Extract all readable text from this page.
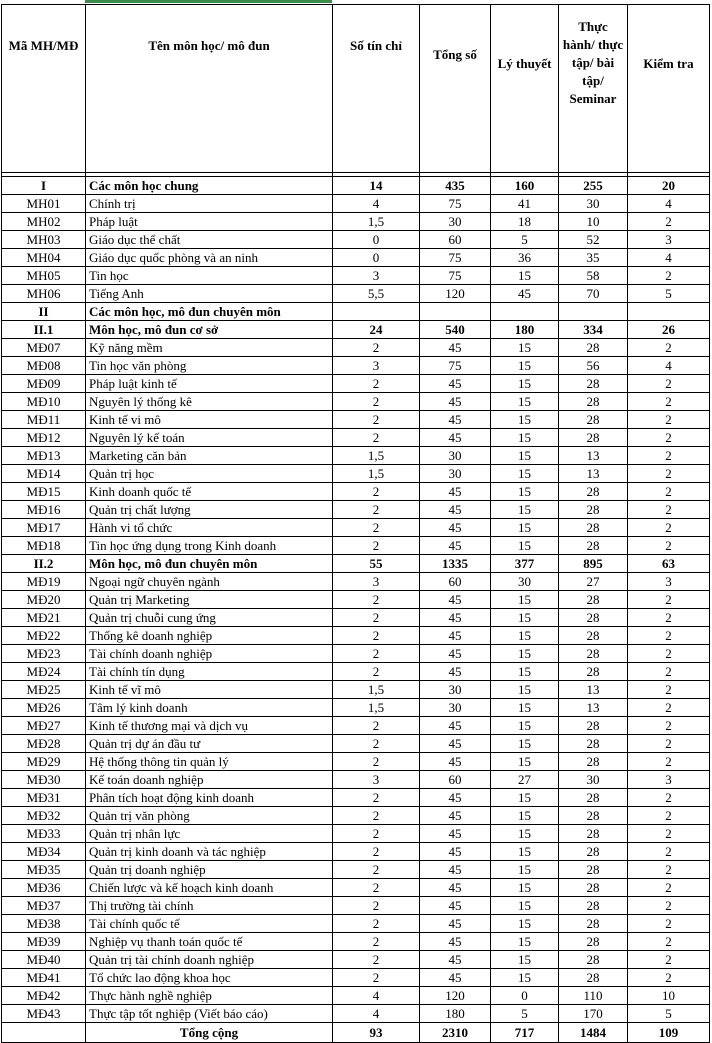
Mã MH/MĐ	Tên môn học/ mô đun	Số tín chỉ	Tổng số	Lý thuyết	Thực hành/ thực tập/ bài tập/ Seminar	Kiểm tra

I	Các môn học chung	14	435	160	255	20
MH01	Chính trị	4	75	41	30	4
MH02	Pháp luật	1,5	30	18	10	2
MH03	Giáo dục thể chất	0	60	5	52	3
MH04	Giáo dục quốc phòng và an ninh	0	75	36	35	4
MH05	Tin học	3	75	15	58	2
MH06	Tiếng Anh	5,5	120	45	70	5
II	Các môn học, mô đun chuyên môn					
II.1	Môn học, mô đun cơ sở	24	540	180	334	26
MĐ07	Kỹ năng mềm	2	45	15	28	2
MĐ08	Tin học văn phòng	3	75	15	56	4
MĐ09	Pháp luật kinh tế	2	45	15	28	2
MĐ10	Nguyên lý thống kê	2	45	15	28	2
MĐ11	Kinh tế vi mô	2	45	15	28	2
MĐ12	Nguyên lý kế toán	2	45	15	28	2
MĐ13	Marketing căn bản	1,5	30	15	13	2
MĐ14	Quản trị học	1,5	30	15	13	2
MĐ15	Kinh doanh quốc tế	2	45	15	28	2
MĐ16	Quản trị chất lượng	2	45	15	28	2
MĐ17	Hành vi tổ chức	2	45	15	28	2
MĐ18	Tin học ứng dụng trong Kinh doanh	2	45	15	28	2
II.2	Môn học, mô đun chuyên môn	55	1335	377	895	63
MĐ19	Ngoại ngữ chuyên ngành	3	60	30	27	3
MĐ20	Quản trị Marketing	2	45	15	28	2
MĐ21	Quản trị chuỗi cung ứng	2	45	15	28	2
MĐ22	Thống kê doanh nghiệp	2	45	15	28	2
MĐ23	Tài chính doanh nghiệp	2	45	15	28	2
MĐ24	Tài chính tín dụng	2	45	15	28	2
MĐ25	Kinh tế vĩ mô	1,5	30	15	13	2
MĐ26	Tâm lý kinh doanh	1,5	30	15	13	2
MĐ27	Kinh tế thương mại và dịch vụ	2	45	15	28	2
MĐ28	Quản trị dự án đầu tư	2	45	15	28	2
MĐ29	Hệ thống thông tin quản lý	2	45	15	28	2
MĐ30	Kế toán doanh nghiệp	3	60	27	30	3
MĐ31	Phân tích hoạt động kinh doanh	2	45	15	28	2
MĐ32	Quản trị văn phòng	2	45	15	28	2
MĐ33	Quản trị nhân lực	2	45	15	28	2
MĐ34	Quản trị kinh doanh và tác nghiệp	2	45	15	28	2
MĐ35	Quản trị doanh nghiệp	2	45	15	28	2
MĐ36	Chiến lược và kế hoạch kinh doanh	2	45	15	28	2
MĐ37	Thị trường tài chính	2	45	15	28	2
MĐ38	Tài chính quốc tế	2	45	15	28	2
MĐ39	Nghiệp vụ thanh toán quốc tế	2	45	15	28	2
MĐ40	Quản trị tài chính doanh nghiệp	2	45	15	28	2
MĐ41	Tổ chức lao động khoa học	2	45	15	28	2
MĐ42	Thực hành nghề nghiệp	4	120	0	110	10
MĐ43	Thực tập tốt nghiệp (Viết báo cáo)	4	180	5	170	5
	Tổng cộng	93	2310	717	1484	109
